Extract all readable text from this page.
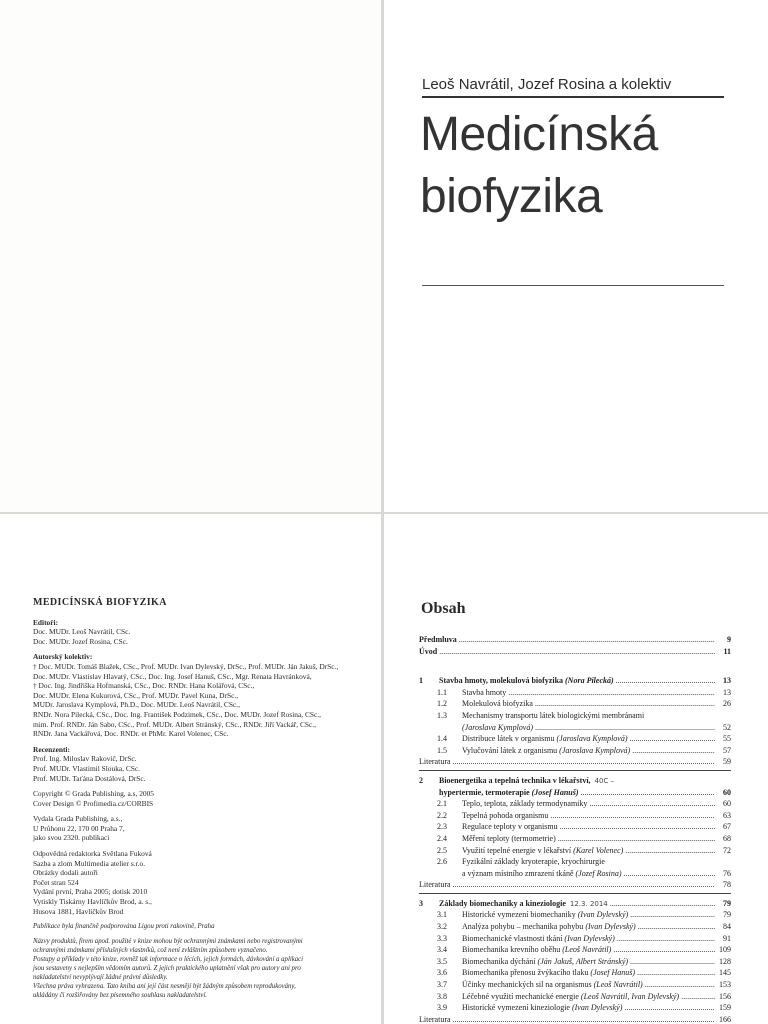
Leoš Navrátil, Jozef Rosina a kolektiv
Medicínská
biofyzika
MEDICÍNSKÁ BIOFYZIKA
Editoři:
Doc. MUDr. Leoš Navrátil, CSc.
Doc. MUDr. Jozef Rosina, CSc.
Autorský kolektiv:
† Doc. MUDr. Tomáš Blažek, CSc., Prof. MUDr. Ivan Dylevský, DrSc., Prof. MUDr. Ján Jakuš, DrSc.,
Doc. MUDr. Vlastislav Hlavatý, CSc., Doc. Ing. Josef Hanuš, CSc., Mgr. Renata Havránková,
† Doc. Ing. Jindřiška Hofmanská, CSc., Doc. RNDr. Hana Kolářová, CSc.,
Doc. MUDr. Elena Kukurová, CSc., Prof. MUDr. Pavel Kuna, DrSc.,
MUDr. Jaroslava Kymplová, Ph.D., Doc. MUDr. Leoš Navrátil, CSc.,
RNDr. Nora Pilecká, CSc., Doc. Ing. František Podzimek, CSc., Doc. MUDr. Jozef Rosina, CSc.,
mim. Prof. RNDr. Ján Sabo, CSc., Prof. MUDr. Albert Stránský, CSc., RNDr. Jiří Vackář, CSc.,
RNDr. Jana Vackářová, Doc. RNDr. et PhMr. Karel Volenec, CSc.
Recenzenti:
Prof. Ing. Miloslav Rakovič, DrSc.
Prof. MUDr. Vlastimil Slouka, CSc.
Prof. MUDr. Taťána Dostálová, DrSc.
Copyright © Grada Publishing, a.s, 2005
Cover Design © Profimedia.cz/CORBIS
Vydala Grada Publishing, a.s.,
U Průhonu 22, 170 00 Praha 7,
jako svou 2320. publikaci
Odpovědná redaktorka Světlana Fuková
Sazba a zlom Multimedia atelier s.r.o.
Obrázky dodali autoři
Počet stran 524
Vydání první, Praha 2005; dotisk 2010
Vytiskly Tiskárny Havlíčkův Brod, a. s.,
Husova 1881, Havlíčkův Brod
Publikace byla finančně podporována Ligou proti rakovině, Praha
Názvy produktů, firem apod. použité v knize mohou být ochrannými známkami nebo registrovanými
ochrannými známkami příslušných vlastníků, což není zvláštním způsobem vyznačeno.
Postupy a příklady v této knize, rovněž tak informace o lécích, jejich formách, dávkování a aplikaci
jsou sestaveny s nejlepším vědomím autorů. Z jejich praktického uplatnění však pro autory ani pro
nakladatelství nevyplývají žádné právní důsledky.
Všechna práva vyhrazena. Tato kniha ani její část nesmějí být žádným způsobem reprodukovány,
ukládány či rozšiřovány bez písemného souhlasu nakladatelství.
Obsah
Předmluva .....	9
Úvod .....	11
1	Stavba hmoty, molekulová biofyzika (Nora Pilecká) .....	13
1.1	Stavba hmoty .....	13
1.2	Molekulová biofyzika .....	26
1.3	Mechanismy transportu látek biologickými membránami
(Jaroslava Kymplová) .....	52
1.4	Distribuce látek v organismu (Jaroslava Kymplová) .....	55
1.5	Vylučování látek z organismu (Jaroslava Kymplová) .....	57
Literatura .....	59
2	Bioenergetika a tepelná technika v lékařství, 40C –
hypertermie, termoterapie (Josef Hanuš) .....	60
2.1	Teplo, teplota, základy termodynamiky .....	60
2.2	Tepelná pohoda organismu .....	63
2.3	Regulace teploty v organismu .....	67
2.4	Měření teploty (termometrie) .....	68
2.5	Využití tepelné energie v lékařství (Karel Volenec) .....	72
2.6	Fyzikální základy kryoterapie, kryochirurgie
a význam místního zmrazení tkáně (Jozef Rosina) .....	76
Literatura .....	78
3	Základy biomechaniky a kineziologie 12.3. 2014 .....	79
3.1	Historické vymezení biomechaniky (Ivan Dylevský) .....	79
3.2	Analýza pohybu – mechanika pohybu (Ivan Dylevský) .....	84
3.3	Biomechanické vlastnosti tkání (Ivan Dylevský) .....	91
3.4	Biomechanika krevního oběhu (Leoš Navrátil) .....	109
3.5	Biomechanika dýchání (Ján Jakuš, Albert Stránský) .....	128
3.6	Biomechanika přenosu žvýkacího tlaku (Josef Hanuš) .....	145
3.7	Účinky mechanických sil na organismus (Leoš Navrátil) .....	153
3.8	Léčebné využití mechanické energie (Leoš Navrátil, Ivan Dylevský) .....	156
3.9	Historické vymezení kineziologie (Ivan Dylevský) .....	159
Literatura .....	166
